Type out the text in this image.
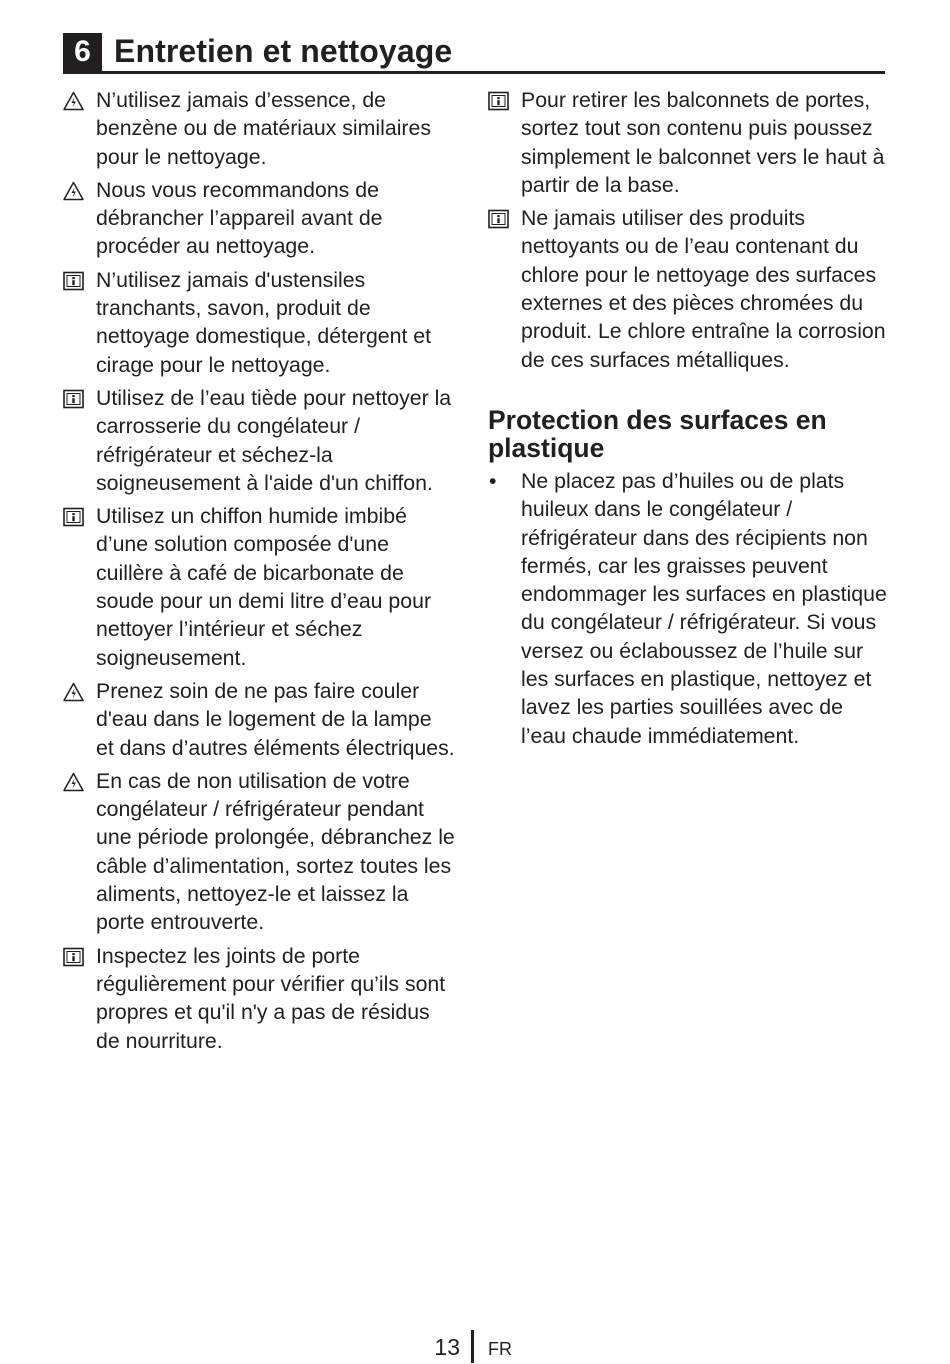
6 Entretien et nettoyage
N’utilisez jamais d’essence, de benzène ou de matériaux similaires pour le nettoyage.
Nous vous recommandons de débrancher l’appareil avant de procéder au nettoyage.
N’utilisez jamais d'ustensiles tranchants, savon, produit de nettoyage domestique, détergent et cirage pour le nettoyage.
Utilisez de l’eau tiède pour nettoyer la carrosserie du congélateur / réfrigérateur et séchez-la soigneusement à l'aide d'un chiffon.
Utilisez un chiffon humide imbibé d’une solution composée d'une cuillère à café de bicarbonate de soude pour un demi litre d’eau pour nettoyer l’intérieur et séchez soigneusement.
Prenez soin de ne pas faire couler d'eau dans le logement de la lampe et dans d’autres éléments électriques.
En cas de non utilisation de votre congélateur / réfrigérateur pendant une période prolongée, débranchez le câble d’alimentation, sortez toutes les aliments, nettoyez-le et laissez la porte entrouverte.
Inspectez les joints de porte régulièrement pour vérifier qu’ils sont propres et qu'il n'y a pas de résidus de nourriture.
Pour retirer les balconnets de portes, sortez tout son contenu puis poussez simplement le balconnet vers le haut à partir de la base.
Ne jamais utiliser des produits nettoyants ou de l’eau contenant du chlore pour le nettoyage des surfaces externes et des pièces chromées du produit. Le chlore entraîne la corrosion de ces surfaces métalliques.
Protection des surfaces en plastique
• Ne placez pas d’huiles ou de plats huileux dans le congélateur / réfrigérateur dans des récipients non fermés, car les graisses peuvent endommager les surfaces en plastique du congélateur / réfrigérateur. Si vous versez ou éclaboussez de l’huile sur les surfaces en plastique, nettoyez et lavez les parties souillées avec de l’eau chaude immédiatement.
13 FR
